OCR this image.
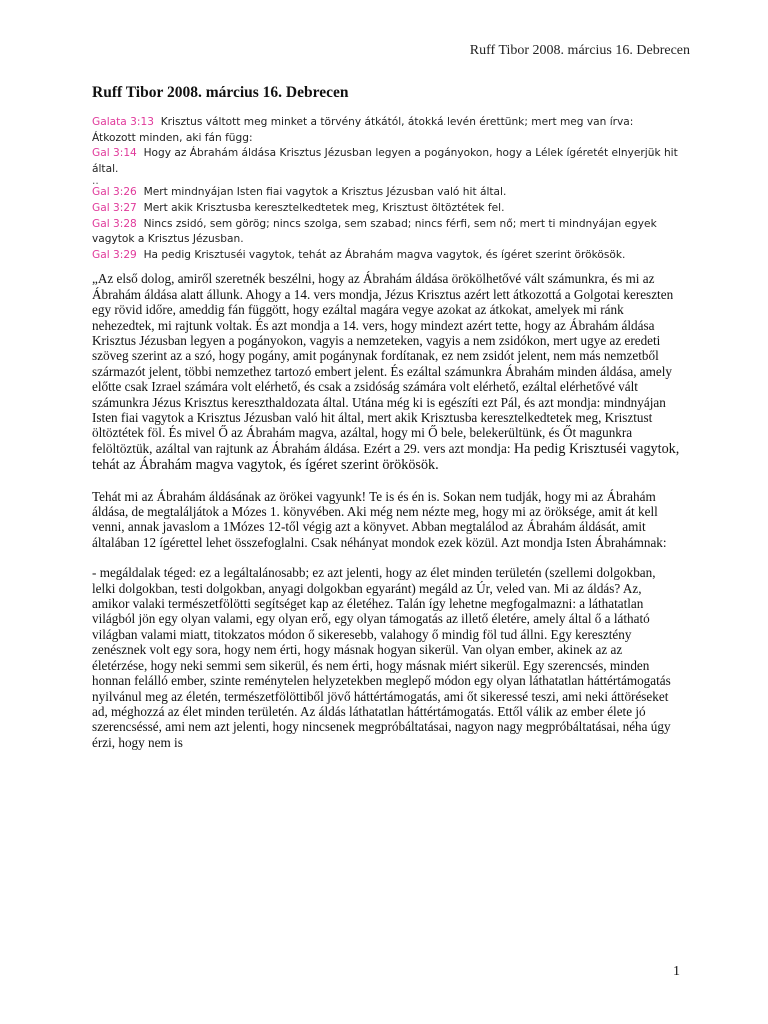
Ruff Tibor 2008. március 16. Debrecen
Ruff Tibor 2008. március 16. Debrecen

Galata 3:13 Krisztus váltott meg minket a törvény átkától, átokká levén érettünk; mert meg van írva: Átkozott minden, aki fán függ:

Gal 3:14 Hogy az Ábrahám áldása Krisztus Jézusban legyen a pogányokon, hogy a Lélek ígéretét elnyerjük hit által.

..

Gal 3:26 Mert mindnyájan Isten fiai vagytok a Krisztus Jézusban való hit által.

Gal 3:27 Mert akik Krisztusba keresztelkedtetek meg, Krisztust öltöztétek fel.

Gal 3:28 Nincs zsidó, sem görög; nincs szolga, sem szabad; nincs férfi, sem nő; mert ti mindnyájan egyek vagytok a Krisztus Jézusban.

Gal 3:29 Ha pedig Krisztuséi vagytok, tehát az Ábrahám magva vagytok, és ígéret szerint örökösök.

„Az első dolog, amiről szeretnék beszélni, hogy az Ábrahám áldása örökölhetővé vált számunkra, és mi az Ábrahám áldása alatt állunk. Ahogy a 14. vers mondja, Jézus Krisztus azért lett átkozottá a Golgotai kereszten egy rövid időre, ameddig fán függött, hogy ezáltal magára vegye azokat az átkokat, amelyek mi ránk nehezedtek, mi rajtunk voltak. És azt mondja a 14. vers, hogy mindezt azért tette, hogy az Ábrahám áldása Krisztus Jézusban legyen a pogányokon, vagyis a nemzeteken, vagyis a nem zsidókon, mert ugye az eredeti szöveg szerint az a szó, hogy pogány, amit pogánynak fordítanak, ez nem zsidót jelent, nem más nemzetből származót jelent, többi nemzethez tartozó embert jelent. És ezáltal számunkra Ábrahám minden áldása, amely előtte csak Izrael számára volt elérhető, és csak a zsidóság számára volt elérhető, ezáltal elérhetővé vált számunkra Jézus Krisztus kereszthaldozata által. Utána még ki is egészíti ezt Pál, és azt mondja: mindnyájan Isten fiai vagytok a Krisztus Jézusban való hit által, mert akik Krisztusba keresztelkedtetek meg, Krisztust öltöztétek föl. És mivel Ő az Ábrahám magva, azáltal, hogy mi Ő bele, belekerültünk, és Őt magunkra felöltöztük, azáltal van rajtunk az Ábrahám áldása. Ezért a 29. vers azt mondja: Ha pedig Krisztuséi vagytok, tehát az Ábrahám magva vagytok, és ígéret szerint örökösök.

Tehát mi az Ábrahám áldásának az örökei vagyunk! Te is és én is. Sokan nem tudják, hogy mi az Ábrahám áldása, de megtaláljátok a Mózes 1. könyvében. Aki még nem nézte meg, hogy mi az öröksége, amit át kell venni, annak javaslom a 1Mózes 12-től végig azt a könyvet. Abban megtalálod az Ábrahám áldását, amit általában 12 ígérettel lehet összefoglalni. Csak néhányat mondok ezek közül. Azt mondja Isten Ábrahámnak:

- megáldalak téged: ez a legáltalánosabb; ez azt jelenti, hogy az élet minden területén (szellemi dolgokban, lelki dolgokban, testi dolgokban, anyagi dolgokban egyaránt) megáld az Úr, veled van. Mi az áldás? Az, amikor valaki természetfölötti segítséget kap az életéhez. Talán így lehetne megfogalmazni: a láthatatlan világból jön egy olyan valami, egy olyan erő, egy olyan támogatás az illető életére, amely által ő a látható világban valami miatt, titokzatos módon ő sikeresebb, valahogy ő mindig föl tud állni. Egy keresztény zenésznek volt egy sora, hogy nem érti, hogy másnak hogyan sikerül. Van olyan ember, akinek az az életérzése, hogy neki semmi sem sikerül, és nem érti, hogy másnak miért sikerül. Egy szerencsés, minden honnan felálló ember, szinte reménytelen helyzetekben meglepő módon egy olyan láthatatlan háttértámogatás nyilvánul meg az életén, természetfölöttiből jövő háttértámogatás, ami őt sikeressé teszi, ami neki áttöréseket ad, méghozzá az élet minden területén. Az áldás láthatatlan háttértámogatás. Ettől válik az ember élete jó szerencséssé, ami nem azt jelenti, hogy nincsenek megpróbáltatásai, nagyon nagy megpróbáltatásai, néha úgy érzi, hogy nem is

1
